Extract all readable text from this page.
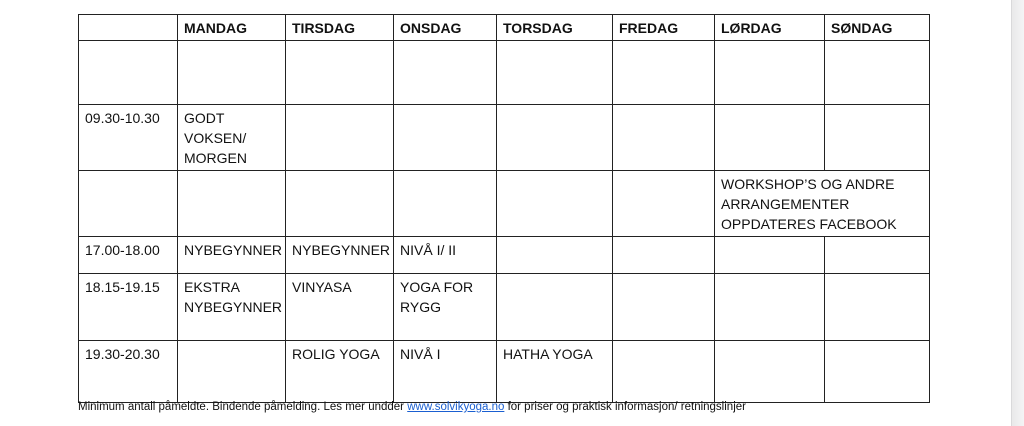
	MANDAG	TIRSDAG	ONSDAG	TORSDAG	FREDAG	LØRDAG	SØNDAG

09.30-10.30	GODT VOKSEN/ MORGEN						
						WORKSHOP’S OG ANDRE ARRANGEMENTER OPPDATERES FACEBOOK	
17.00-18.00	NYBEGYNNER	NYBEGYNNER	NIVÅ I/ II				
18.15-19.15	EKSTRA NYBEGYNNER	VINYASA	YOGA FOR RYGG				
19.30-20.30		ROLIG YOGA	NIVÅ I	HATHA YOGA			
Minimum antall påmeldte. Bindende påmelding. Les mer undder www.solvikyoga.no for priser og praktisk informasjon/ retningslinjer
